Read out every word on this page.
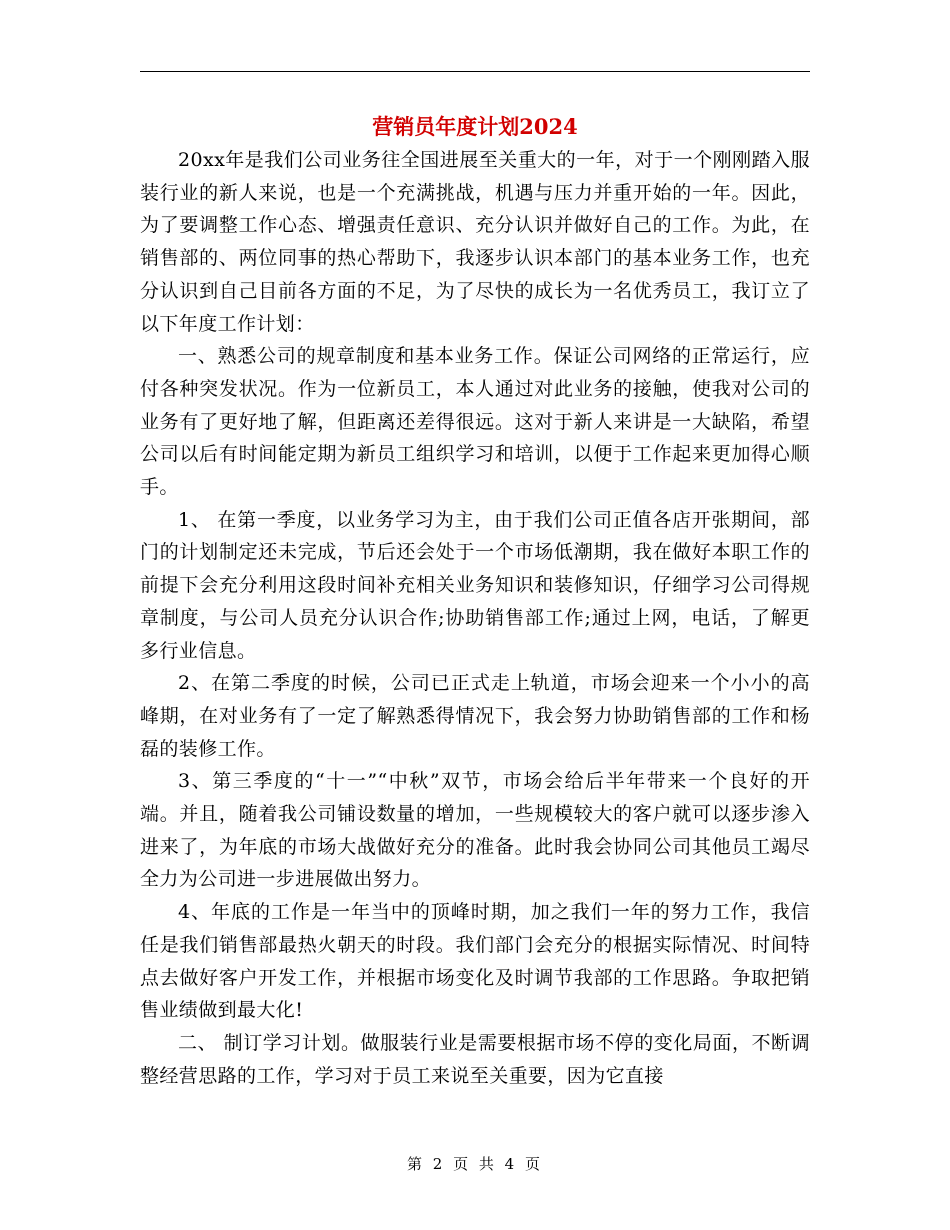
营销员年度计划2024

20xx年是我们公司业务往全国进展至关重大的一年，对于一个刚刚踏入服装行业的新人来说，也是一个充满挑战，机遇与压力并重开始的一年。因此，为了要调整工作心态、增强责任意识、充分认识并做好自己的工作。为此，在销售部的、两位同事的热心帮助下，我逐步认识本部门的基本业务工作，也充分认识到自己目前各方面的不足，为了尽快的成长为一名优秀员工，我订立了以下年度工作计划：

一、熟悉公司的规章制度和基本业务工作。保证公司网络的正常运行，应付各种突发状况。作为一位新员工，本人通过对此业务的接触，使我对公司的业务有了更好地了解，但距离还差得很远。这对于新人来讲是一大缺陷，希望公司以后有时间能定期为新员工组织学习和培训，以便于工作起来更加得心顺手。

1、 在第一季度，以业务学习为主，由于我们公司正值各店开张期间，部门的计划制定还未完成，节后还会处于一个市场低潮期，我在做好本职工作的前提下会充分利用这段时间补充相关业务知识和装修知识，仔细学习公司得规章制度，与公司人员充分认识合作;协助销售部工作;通过上网，电话，了解更多行业信息。

2、在第二季度的时候，公司已正式走上轨道，市场会迎来一个小小的高峰期，在对业务有了一定了解熟悉得情况下，我会努力协助销售部的工作和杨磊的装修工作。

3、第三季度的“十一”“中秋”双节，市场会给后半年带来一个良好的开端。并且，随着我公司铺设数量的增加，一些规模较大的客户就可以逐步渗入进来了，为年底的市场大战做好充分的准备。此时我会协同公司其他员工竭尽全力为公司进一步进展做出努力。

4、年底的工作是一年当中的顶峰时期，加之我们一年的努力工作，我信任是我们销售部最热火朝天的时段。我们部门会充分的根据实际情况、时间特点去做好客户开发工作，并根据市场变化及时调节我部的工作思路。争取把销售业绩做到最大化!

二、 制订学习计划。做服装行业是需要根据市场不停的变化局面，不断调整经营思路的工作，学习对于员工来说至关重要，因为它直接

第 2 页 共 4 页
